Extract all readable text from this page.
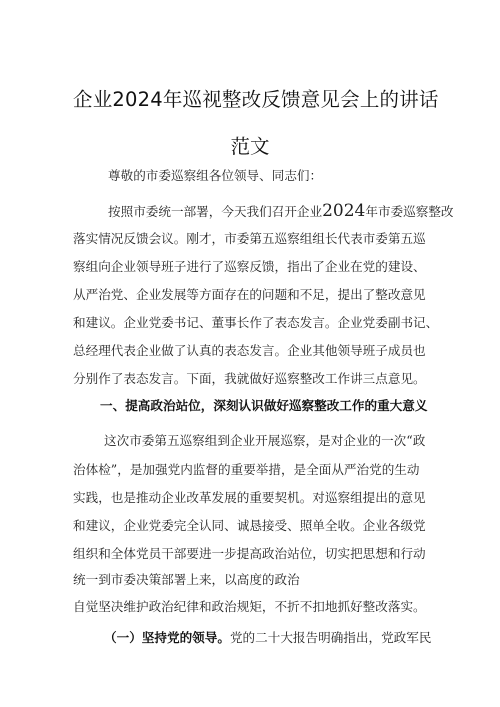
企业2024年巡视整改反馈意见会上的讲话
范文
尊敬的市委巡察组各位领导、同志们：
按照市委统一部署，今天我们召开企业2024年市委巡察整改
落实情况反馈会议。刚才，市委第五巡察组组长代表市委第五巡
察组向企业领导班子进行了巡察反馈，指出了企业在党的建设、
从严治党、企业发展等方面存在的问题和不足，提出了整改意见
和建议。企业党委书记、董事长作了表态发言。企业党委副书记、
总经理代表企业做了认真的表态发言。企业其他领导班子成员也
分别作了表态发言。下面，我就做好巡察整改工作讲三点意见。
一、提高政治站位，深刻认识做好巡察整改工作的重大意义
这次市委第五巡察组到企业开展巡察，是对企业的一次“政
治体检”，是加强党内监督的重要举措，是全面从严治党的生动
实践，也是推动企业改革发展的重要契机。对巡察组提出的意见
和建议，企业党委完全认同、诚恳接受、照单全收。企业各级党
组织和全体党员干部要进一步提高政治站位，切实把思想和行动
统一到市委决策部署上来，以高度的政治
自觉坚决维护政治纪律和政治规矩，不折不扣地抓好整改落实。
（一）坚持党的领导。党的二十大报告明确指出，党政军民
